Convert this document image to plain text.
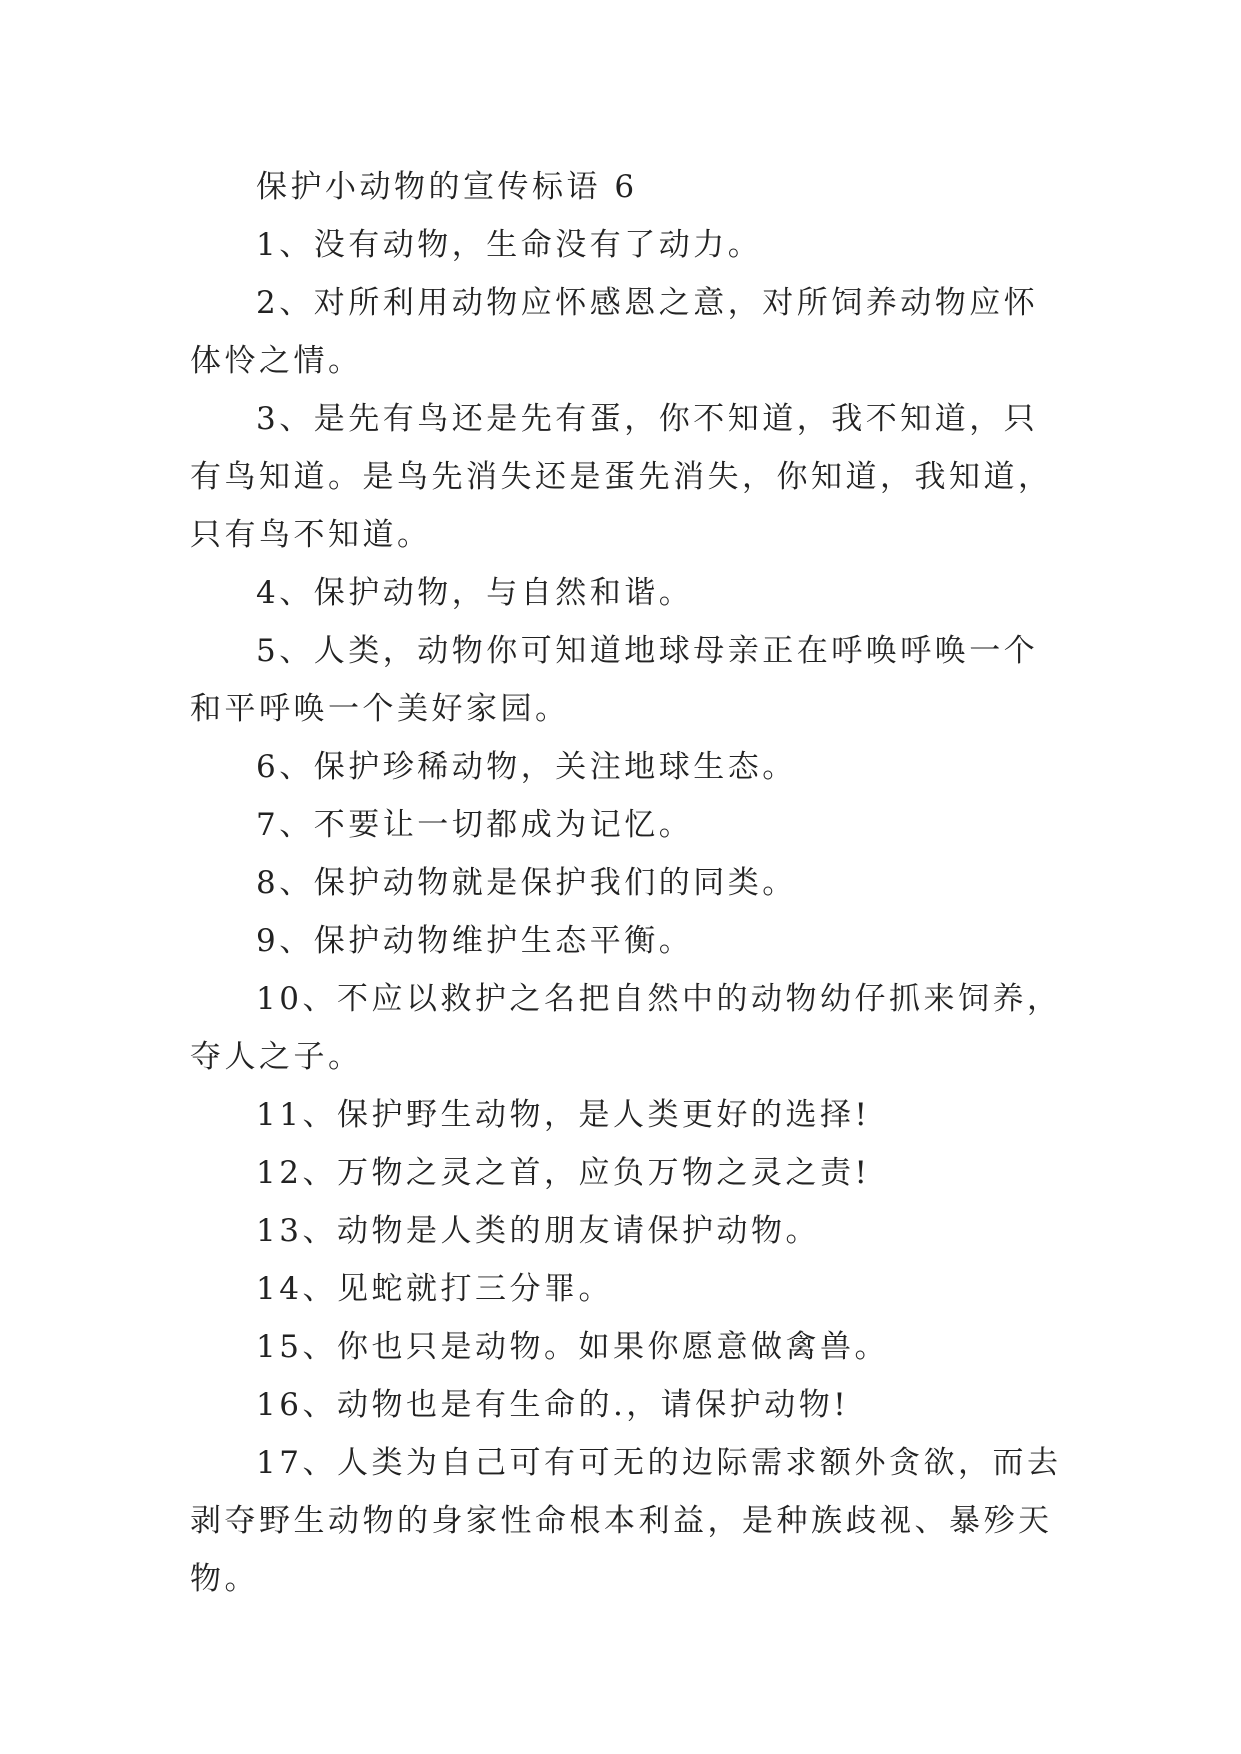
保护小动物的宣传标语 6

1、没有动物，生命没有了动力。

2、对所利用动物应怀感恩之意，对所饲养动物应怀体怜之情。

3、是先有鸟还是先有蛋，你不知道，我不知道，只有鸟知道。是鸟先消失还是蛋先消失，你知道，我知道，只有鸟不知道。

4、保护动物，与自然和谐。

5、人类，动物你可知道地球母亲正在呼唤呼唤一个和平呼唤一个美好家园。

6、保护珍稀动物，关注地球生态。

7、不要让一切都成为记忆。

8、保护动物就是保护我们的同类。

9、保护动物维护生态平衡。

10、不应以救护之名把自然中的动物幼仔抓来饲养，夺人之子。

11、保护野生动物，是人类更好的选择!

12、万物之灵之首，应负万物之灵之责!

13、动物是人类的朋友请保护动物。

14、见蛇就打三分罪。

15、你也只是动物。如果你愿意做禽兽。

16、动物也是有生命的.，请保护动物!

17、人类为自己可有可无的边际需求额外贪欲，而去剥夺野生动物的身家性命根本利益，是种族歧视、暴殄天物。
